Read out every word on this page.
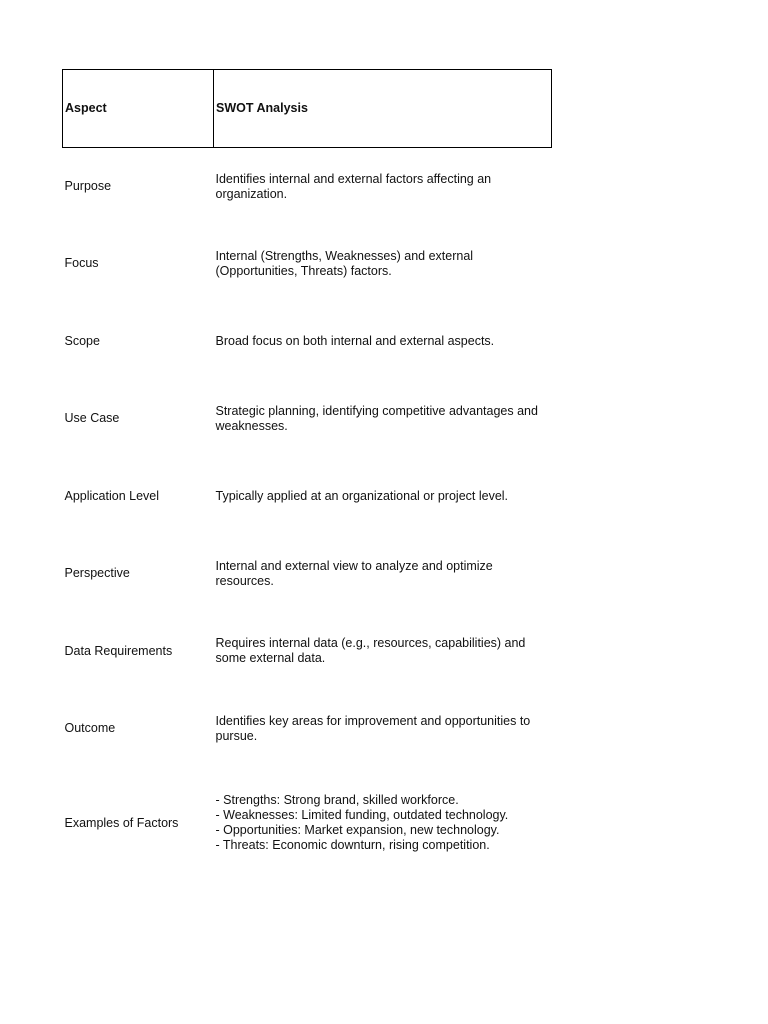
Aspect	SWOT Analysis
Purpose	Identifies internal and external factors affecting an organization.
Focus	Internal (Strengths, Weaknesses) and external (Opportunities, Threats) factors.
Scope	Broad focus on both internal and external aspects.
Use Case	Strategic planning, identifying competitive advantages and weaknesses.
Application Level	Typically applied at an organizational or project level.
Perspective	Internal and external view to analyze and optimize resources.
Data Requirements	Requires internal data (e.g., resources, capabilities) and some external data.
Outcome	Identifies key areas for improvement and opportunities to pursue.
Examples of Factors	- Strengths: Strong brand, skilled workforce.
- Weaknesses: Limited funding, outdated technology.
- Opportunities: Market expansion, new technology.
- Threats: Economic downturn, rising competition.
